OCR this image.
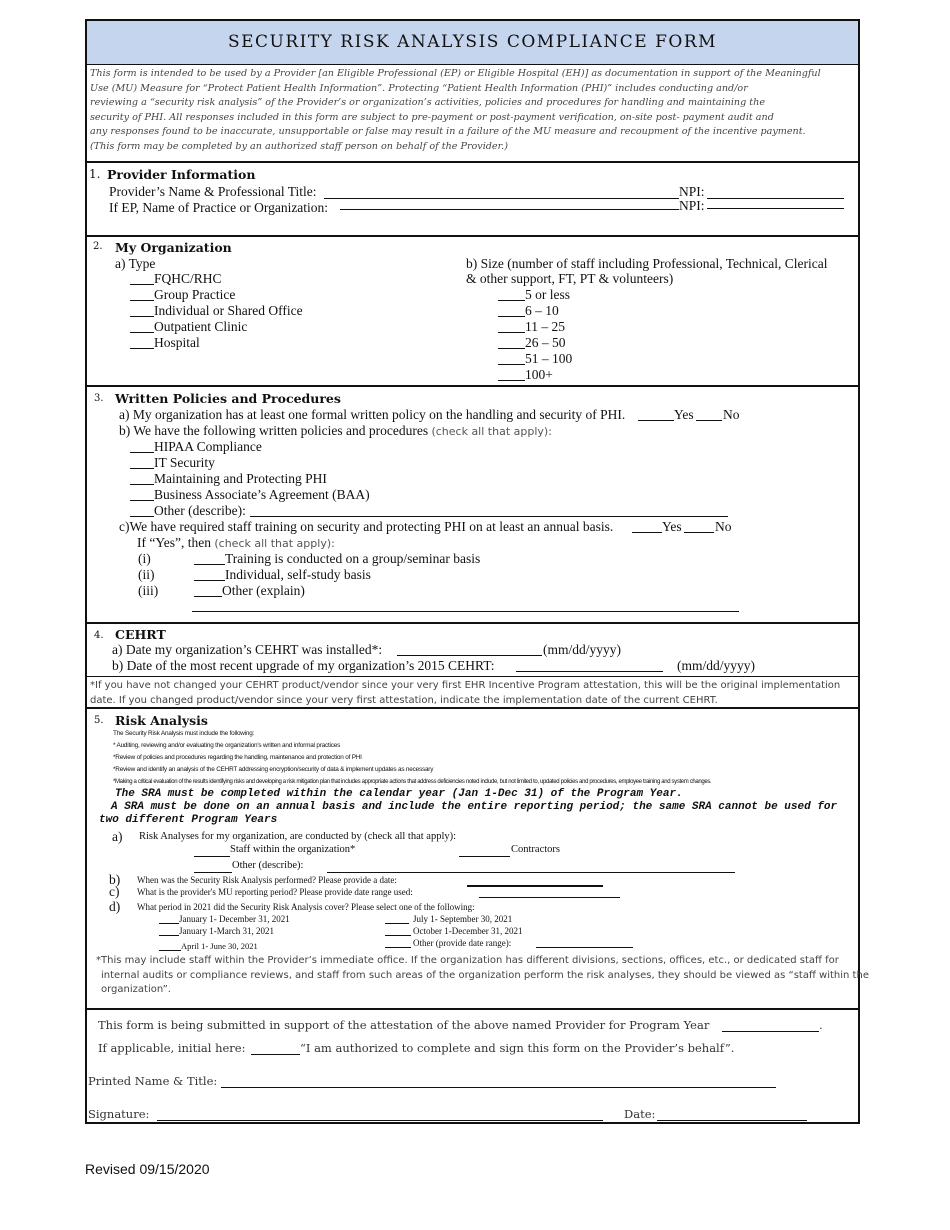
SECURITY RISK ANALYSIS COMPLIANCE FORM
This form is intended to be used by a Provider [an Eligible Professional (EP) or Eligible Hospital (EH)] as documentation in support of the Meaningful
Use (MU) Measure for “Protect Patient Health Information”. Protecting “Patient Health Information (PHI)” includes conducting and/or
reviewing a “security risk analysis” of the Provider’s or organization’s activities, policies and procedures for handling and maintaining the
security of PHI. All responses included in this form are subject to pre-payment or post-payment verification, on-site post- payment audit and
any responses found to be inaccurate, unsupportable or false may result in a failure of the MU measure and recoupment of the incentive payment.
(This form may be completed by an authorized staff person on behalf of the Provider.)
1. Provider Information
Provider’s Name & Professional Title:	NPI:
If EP, Name of Practice or Organization:	NPI:
2. My Organization
a) Type
FQHC/RHC
Group Practice
Individual or Shared Office
Outpatient Clinic
Hospital
b) Size (number of staff including Professional, Technical, Clerical
& other support, FT, PT & volunteers)
5 or less
6 – 10
11 – 25
26 – 50
51 – 100
100+
3. Written Policies and Procedures
a) My organization has at least one formal written policy on the handling and security of PHI.	Yes No
b) We have the following written policies and procedures (check all that apply):
HIPAA Compliance
IT Security
Maintaining and Protecting PHI
Business Associate’s Agreement (BAA)
Other (describe):
c)We have required staff training on security and protecting PHI on at least an annual basis.	Yes No
If “Yes”, then (check all that apply):
(i)	Training is conducted on a group/seminar basis
(ii)	Individual, self-study basis
(iii)	Other (explain)
4. CEHRT
a) Date my organization’s CEHRT was installed*:	(mm/dd/yyyy)
b) Date of the most recent upgrade of my organization’s 2015 CEHRT:	(mm/dd/yyyy)
*If you have not changed your CEHRT product/vendor since your very first EHR Incentive Program attestation, this will be the original implementation
date. If you changed product/vendor since your very first attestation, indicate the implementation date of the current CEHRT.
5. Risk Analysis
The Security Risk Analysis must include the following:
* Auditing, reviewing and/or evaluating the organization's written and informal practices
*Review of policies and procedures regarding the handling, maintenance and protection of PHI
*Review and identify an analysis of the CEHRT addressing encryption/security of data & implement updates as necessary
*Making a critical evaluation of the results identifying risks and developing a risk mitigation plan that includes appropriate actions that address deficiencies noted include, but not limited to, updated policies and procedures, employee training and system changes.
The SRA must be completed within the calendar year (Jan 1-Dec 31) of the Program Year.
A SRA must be done on an annual basis and include the entire reporting period; the same SRA cannot be used for
two different Program Years
a) Risk Analyses for my organization, are conducted by (check all that apply):
Staff within the organization*	Contractors
Other (describe):
b) When was the Security Risk Analysis performed? Please provide a date:
c) What is the provider's MU reporting period? Please provide date range used:
d) What period in 2021 did the Security Risk Analysis cover? Please select one of the following:
January 1- December 31, 2021
January 1-March 31, 2021
April 1- June 30, 2021
July 1- September 30, 2021
October 1-December 31, 2021
Other (provide date range):
*This may include staff within the Provider’s immediate office. If the organization has different divisions, sections, offices, etc., or dedicated staff for
internal audits or compliance reviews, and staff from such areas of the organization perform the risk analyses, they should be viewed as “staff within the
organization”.
This form is being submitted in support of the attestation of the above named Provider for Program Year	.
If applicable, initial here:	“I am authorized to complete and sign this form on the Provider’s behalf”.
Printed Name & Title:
Signature:	Date:
Revised 09/15/2020
